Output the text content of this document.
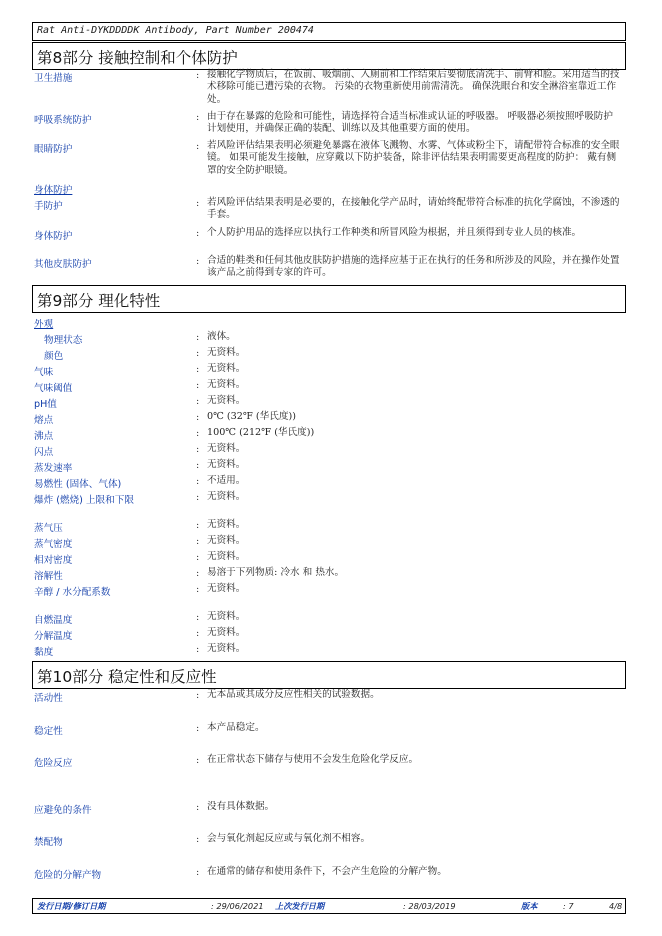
Rat Anti-DYKDDDDK Antibody, Part Number 200474
第8部分 接触控制和个体防护
卫生措施	: 接触化学物质后，在饭前、吸烟前、入厕前和工作结束后要彻底清洗手、前臂和脸。采用适当的技术移除可能已遭污染的衣物。 污染的衣物重新使用前需清洗。 确保洗眼台和安全淋浴室靠近工作处。
呼吸系统防护	: 由于存在暴露的危险和可能性，请选择符合适当标准或认证的呼吸器。 呼吸器必须按照呼吸防护计划使用，并确保正确的装配、训练以及其他重要方面的使用。
眼睛防护	: 若风险评估结果表明必须避免暴露在液体飞溅物、水雾、气体或粉尘下，请配带符合标准的安全眼镜。 如果可能发生接触，应穿戴以下防护装备，除非评估结果表明需要更高程度的防护： 戴有侧罩的安全防护眼镜。
身体防护
手防护	: 若风险评估结果表明是必要的，在接触化学产品时，请始终配带符合标准的抗化学腐蚀，不渗透的手套。
身体防护	: 个人防护用品的选择应以执行工作种类和所冒风险为根据，并且须得到专业人员的核准。
其他皮肤防护	: 合适的鞋类和任何其他皮肤防护措施的选择应基于正在执行的任务和所涉及的风险，并在操作处置该产品之前得到专家的许可。
第9部分 理化特性
外观
物理状态	: 液体。
颜色	: 无资料。
气味	: 无资料。
气味阈值	: 无资料。
pH值	: 无资料。
熔点	: 0℃ (32℉ (华氏度))
沸点	: 100℃ (212℉ (华氏度))
闪点	: 无资料。
蒸发速率	: 无资料。
易燃性 (固体、气体)	: 不适用。
爆炸 (燃烧) 上限和下限	: 无资料。
蒸气压	: 无资料。
蒸气密度	: 无资料。
相对密度	: 无资料。
溶解性	: 易溶于下列物质: 冷水 和 热水。
辛醇 / 水分配系数	: 无资料。
自燃温度	: 无资料。
分解温度	: 无资料。
黏度	: 无资料。
第10部分 稳定性和反应性
活动性	: 无本品或其成分反应性相关的试验数据。
稳定性	: 本产品稳定。
危险反应	: 在正常状态下储存与使用不会发生危险化学反应。
应避免的条件	: 没有具体数据。
禁配物	: 会与氧化剂起反应或与氧化剂不相容。
危险的分解产物	: 在通常的储存和使用条件下，不会产生危险的分解产物。
发行日期/修订日期	: 29/06/2021 上次发行日期	: 28/03/2019	版本	: 7	4/8
